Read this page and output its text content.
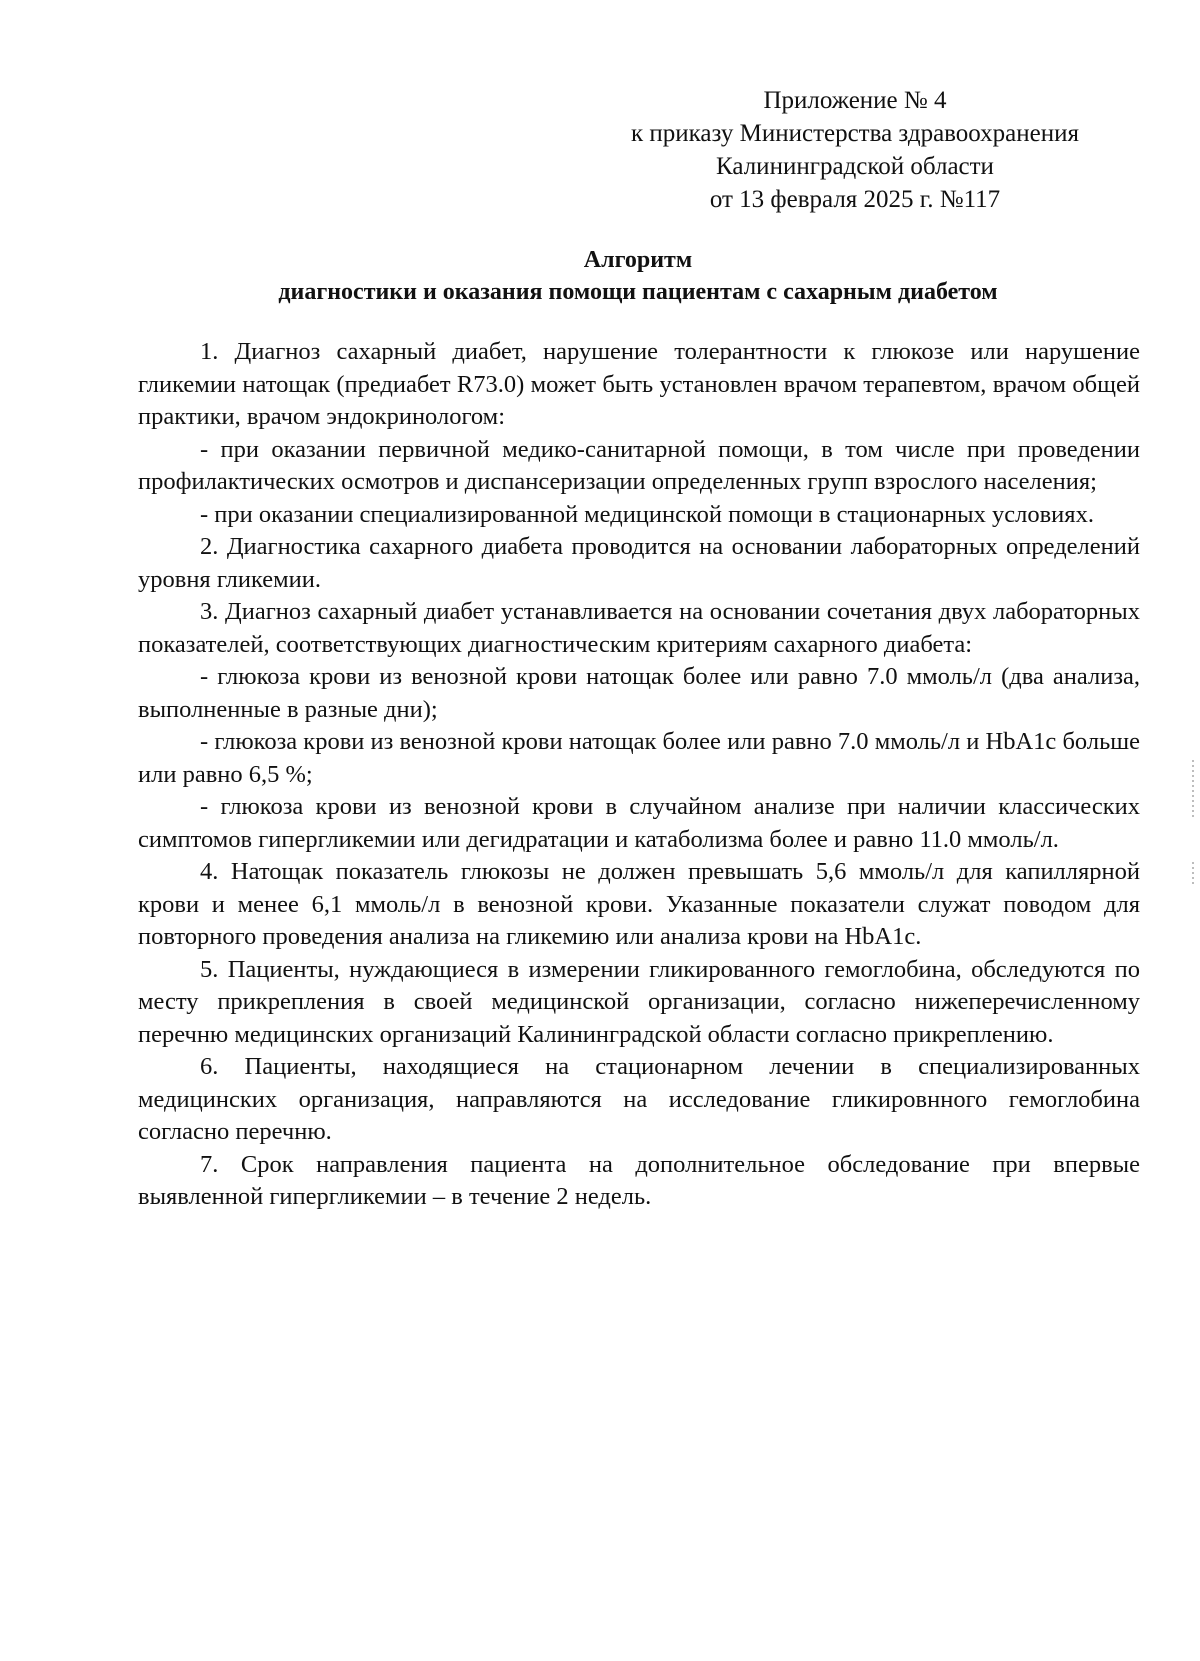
Приложение № 4
к приказу Министерства здравоохранения
Калининградской области
от 13 февраля 2025 г. №117
Алгоритм
диагностики и оказания помощи пациентам с сахарным диабетом

1. Диагноз сахарный диабет, нарушение толерантности к глюкозе или нарушение гликемии натощак (предиабет R73.0) может быть установлен врачом терапевтом, врачом общей практики, врачом эндокринологом:

- при оказании первичной медико-санитарной помощи, в том числе при проведении профилактических осмотров и диспансеризации определенных групп взрослого населения;

- при оказании специализированной медицинской помощи в стационарных условиях.

2. Диагностика сахарного диабета проводится на основании лабораторных определений уровня гликемии.

3. Диагноз сахарный диабет устанавливается на основании сочетания двух лабораторных показателей, соответствующих диагностическим критериям сахарного диабета:

- глюкоза крови из венозной крови натощак более или равно 7.0 ммоль/л (два анализа, выполненные в разные дни);

- глюкоза крови из венозной крови натощак более или равно 7.0 ммоль/л и HbA1c больше или равно 6,5 %;

- глюкоза крови из венозной крови в случайном анализе при наличии классических симптомов гипергликемии или дегидратации и катаболизма более и равно 11.0 ммоль/л.

4. Натощак показатель глюкозы не должен превышать 5,6 ммоль/л для капиллярной крови и менее 6,1 ммоль/л в венозной крови. Указанные показатели служат поводом для повторного проведения анализа на гликемию или анализа крови на HbA1c.

5. Пациенты, нуждающиеся в измерении гликированного гемоглобина, обследуются по месту прикрепления в своей медицинской организации, согласно нижеперечисленному перечню медицинских организаций Калининградской области согласно прикреплению.

6. Пациенты, находящиеся на стационарном лечении в специализированных медицинских организация, направляются на исследование гликировнного гемоглобина согласно перечню.

7. Срок направления пациента на дополнительное обследование при впервые выявленной гипергликемии – в течение 2 недель.
